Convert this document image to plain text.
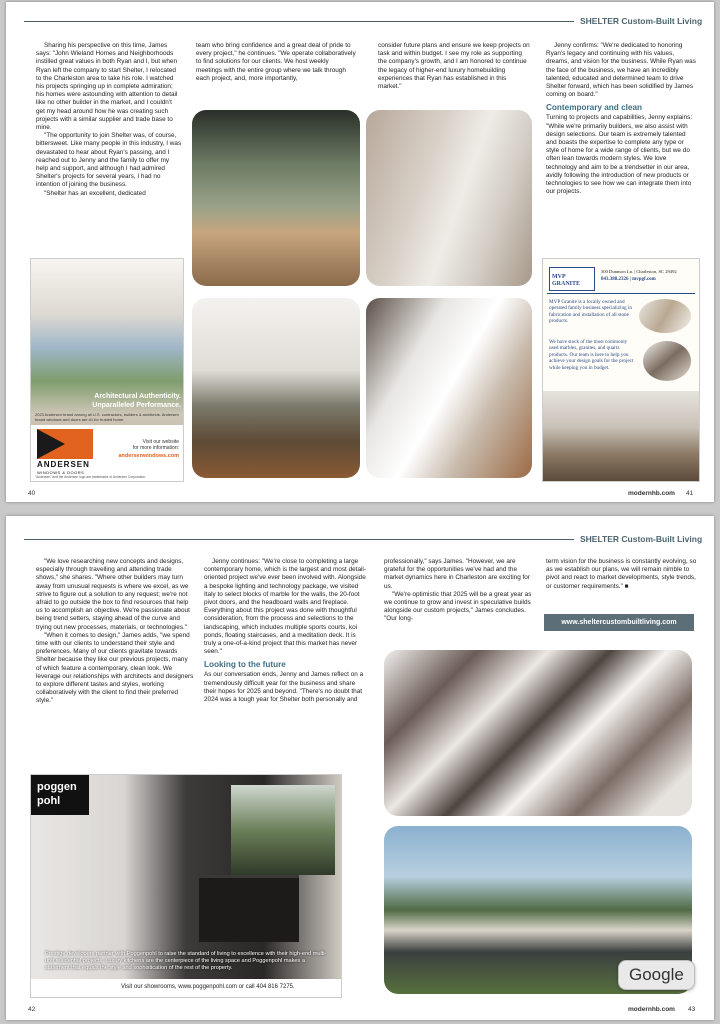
SHELTER Custom-Built Living

Sharing his perspective on this time, James says: "John Wieland Homes and Neighborhoods instilled great values in both Ryan and I, but when Ryan left the company to start Shelter, I relocated to the Charleston area to take his role. I watched his projects springing up in complete admiration; his homes were astounding with attention to detail like no other builder in the market, and I couldn't get my head around how he was creating such projects with a similar supplier and trade base to mine.

"The opportunity to join Shelter was, of course, bittersweet. Like many people in this industry, I was devastated to hear about Ryan's passing, and I reached out to Jenny and the family to offer my help and support, and although I had admired Shelter's projects for several years, I had no intention of joining the business.

"Shelter has an excellent, dedicated

team who bring confidence and a great deal of pride to every project," he continues. "We operate collaboratively to find solutions for our clients. We host weekly meetings with the entire group where we talk through each project, and, more importantly,

consider future plans and ensure we keep projects on task and within budget. I see my role as supporting the company's growth, and I am honored to continue the legacy of higher-end luxury homebuilding experiences that Ryan has established in this market."

Jenny confirms: "We're dedicated to honoring Ryan's legacy and continuing with his values, dreams, and vision for the business. While Ryan was the face of the business, we have an incredibly talented, educated and determined team to drive Shelter forward, which has been solidified by James coming on board."

Contemporary and clean

Turning to projects and capabilities, Jenny explains: "While we're primarily builders, we also assist with design selections. Our team is extremely talented and boasts the expertise to complete any type or style of home for a wide range of clients, but we do often lean towards modern styles. We love technology and aim to be a trendsetter in our area, avidly following the introduction of new products or technologies to see how we can integrate them into our projects.

Architectural Authenticity.
Unparalleled Performance.
2023 Andersen brand among all U.S. contractors, builders & architects. Andersen brand windows and doors are #1 for trusted home.
ANDERSEN
WINDOWS & DOORS
Visit our website
for more information:
andersenwindows.com
"Andersen" and the Andersen logo are trademarks of Andersen Corporation.
MVP GRANITE
300 Dunnson Ln. | Charleston, SC 29492
843.388.2326 | mvpgf.com
MVP Granite is a locally owned and operated family business specializing in fabrication and installation of all stone products.
We have stock of the most commonly used marbles, granites, and quartz products. Our team is here to help you achieve your design goals for the project while keeping you in budget.
40	modernhb.com 41
SHELTER Custom-Built Living

"We love researching new concepts and designs, especially through travelling and attending trade shows," she shares. "Where other builders may turn away from unusual requests is where we excel, as we strive to figure out a solution to any request; we're not afraid to go outside the box to find resources that help us to accomplish an objective. We're passionate about being trend setters, staying ahead of the curve and trying out new processes, materials, or technologies."

"When it comes to design," James adds, "we spend time with our clients to understand their style and preferences. Many of our clients gravitate towards Shelter because they like our previous projects, many of which feature a contemporary, clean look. We leverage our relationships with architects and designers to explore different tastes and styles, working collaboratively with the client to find their preferred style."

Jenny continues: "We're close to completing a large contemporary home, which is the largest and most detail-oriented project we've ever been involved with. Alongside a bespoke lighting and technology package, we visited Italy to select blocks of marble for the walls, the 20-foot pivot doors, and the headboard walls and fireplace. Everything about this project was done with thoughtful consideration, from the process and selections to the landscaping, which includes multiple sports courts, koi ponds, floating staircases, and a meditation deck. It is truly a one-of-a-kind project that this market has never seen."

Looking to the future

As our conversation ends, Jenny and James reflect on a tremendously difficult year for the business and share their hopes for 2025 and beyond. "There's no doubt that 2024 was a tough year for Shelter both personally and

professionally," says James. "However, we are grateful for the opportunities we've had and the market dynamics here in Charleston are exciting for us.

"We're optimistic that 2025 will be a great year as we continue to grow and invest in speculative builds alongside our custom projects," James concludes. "Our long-

term vision for the business is constantly evolving, so as we establish our plans, we will remain nimble to pivot and react to market developments, style trends, or customer requirements." ■

www.sheltercustombuiltliving.com
poggen
pohl
Prestige developers partner with Poggenpohl to raise the standard of living to excellence with their high-end multi-unit residential projects. Luxury kitchens are the centerpiece of the living space and Poggenpohl makes a statement that equals the style and sophistication of the rest of the property.
Visit our showrooms, www.poggenpohl.com or call 404 816 7275.
42	modernhb.com 43
Google
